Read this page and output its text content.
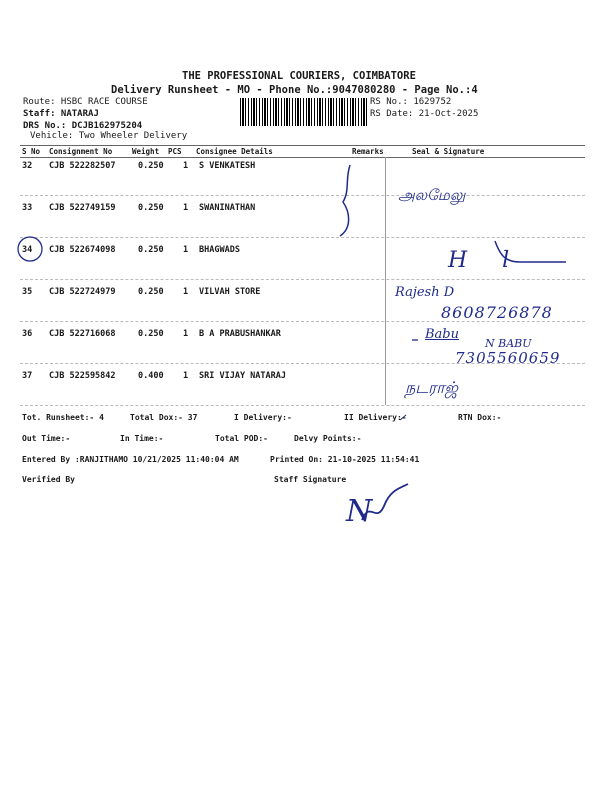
THE PROFESSIONAL COURIERS, COIMBATORE
Delivery Runsheet - MO - Phone No.:9047080280 - Page No.:4
Route: HSBC RACE COURSE
Staff: NATARAJ
DRS No.: DCJB162975204
Vehicle: Two Wheeler Delivery
RS No.: 1629752
RS Date: 21-Oct-2025
S No Consignment No	Weight PCS Consignee Details	Remarks	Seal & Signature
32 CJB 522282507	0.250 1 S VENKATESH
33 CJB 522749159	0.250 1 SWANINATHAN
34 CJB 522674098	0.250 1 BHAGWADS
35 CJB 522724979	0.250 1 VILVAH STORE
36 CJB 522716068	0.250 1 B A PRABUSHANKAR
37 CJB 522595842	0.400 1 SRI VIJAY NATARAJ
அலமேலு
H l
Rajesh D
8608726878
Babu
N BABU
7305560659
நடராஜ்
Tot. Runsheet:- 4	Total Dox:- 37	I Delivery:-	II Delivery:-	RTN Dox:-
Out Time:-	In Time:-	Total POD:-	Delvy Points:-
Entered By :RANJITHAMO 10/21/2025 11:40:04 AM	Printed On: 21-10-2025 11:54:41
Verified By	Staff Signature
N
